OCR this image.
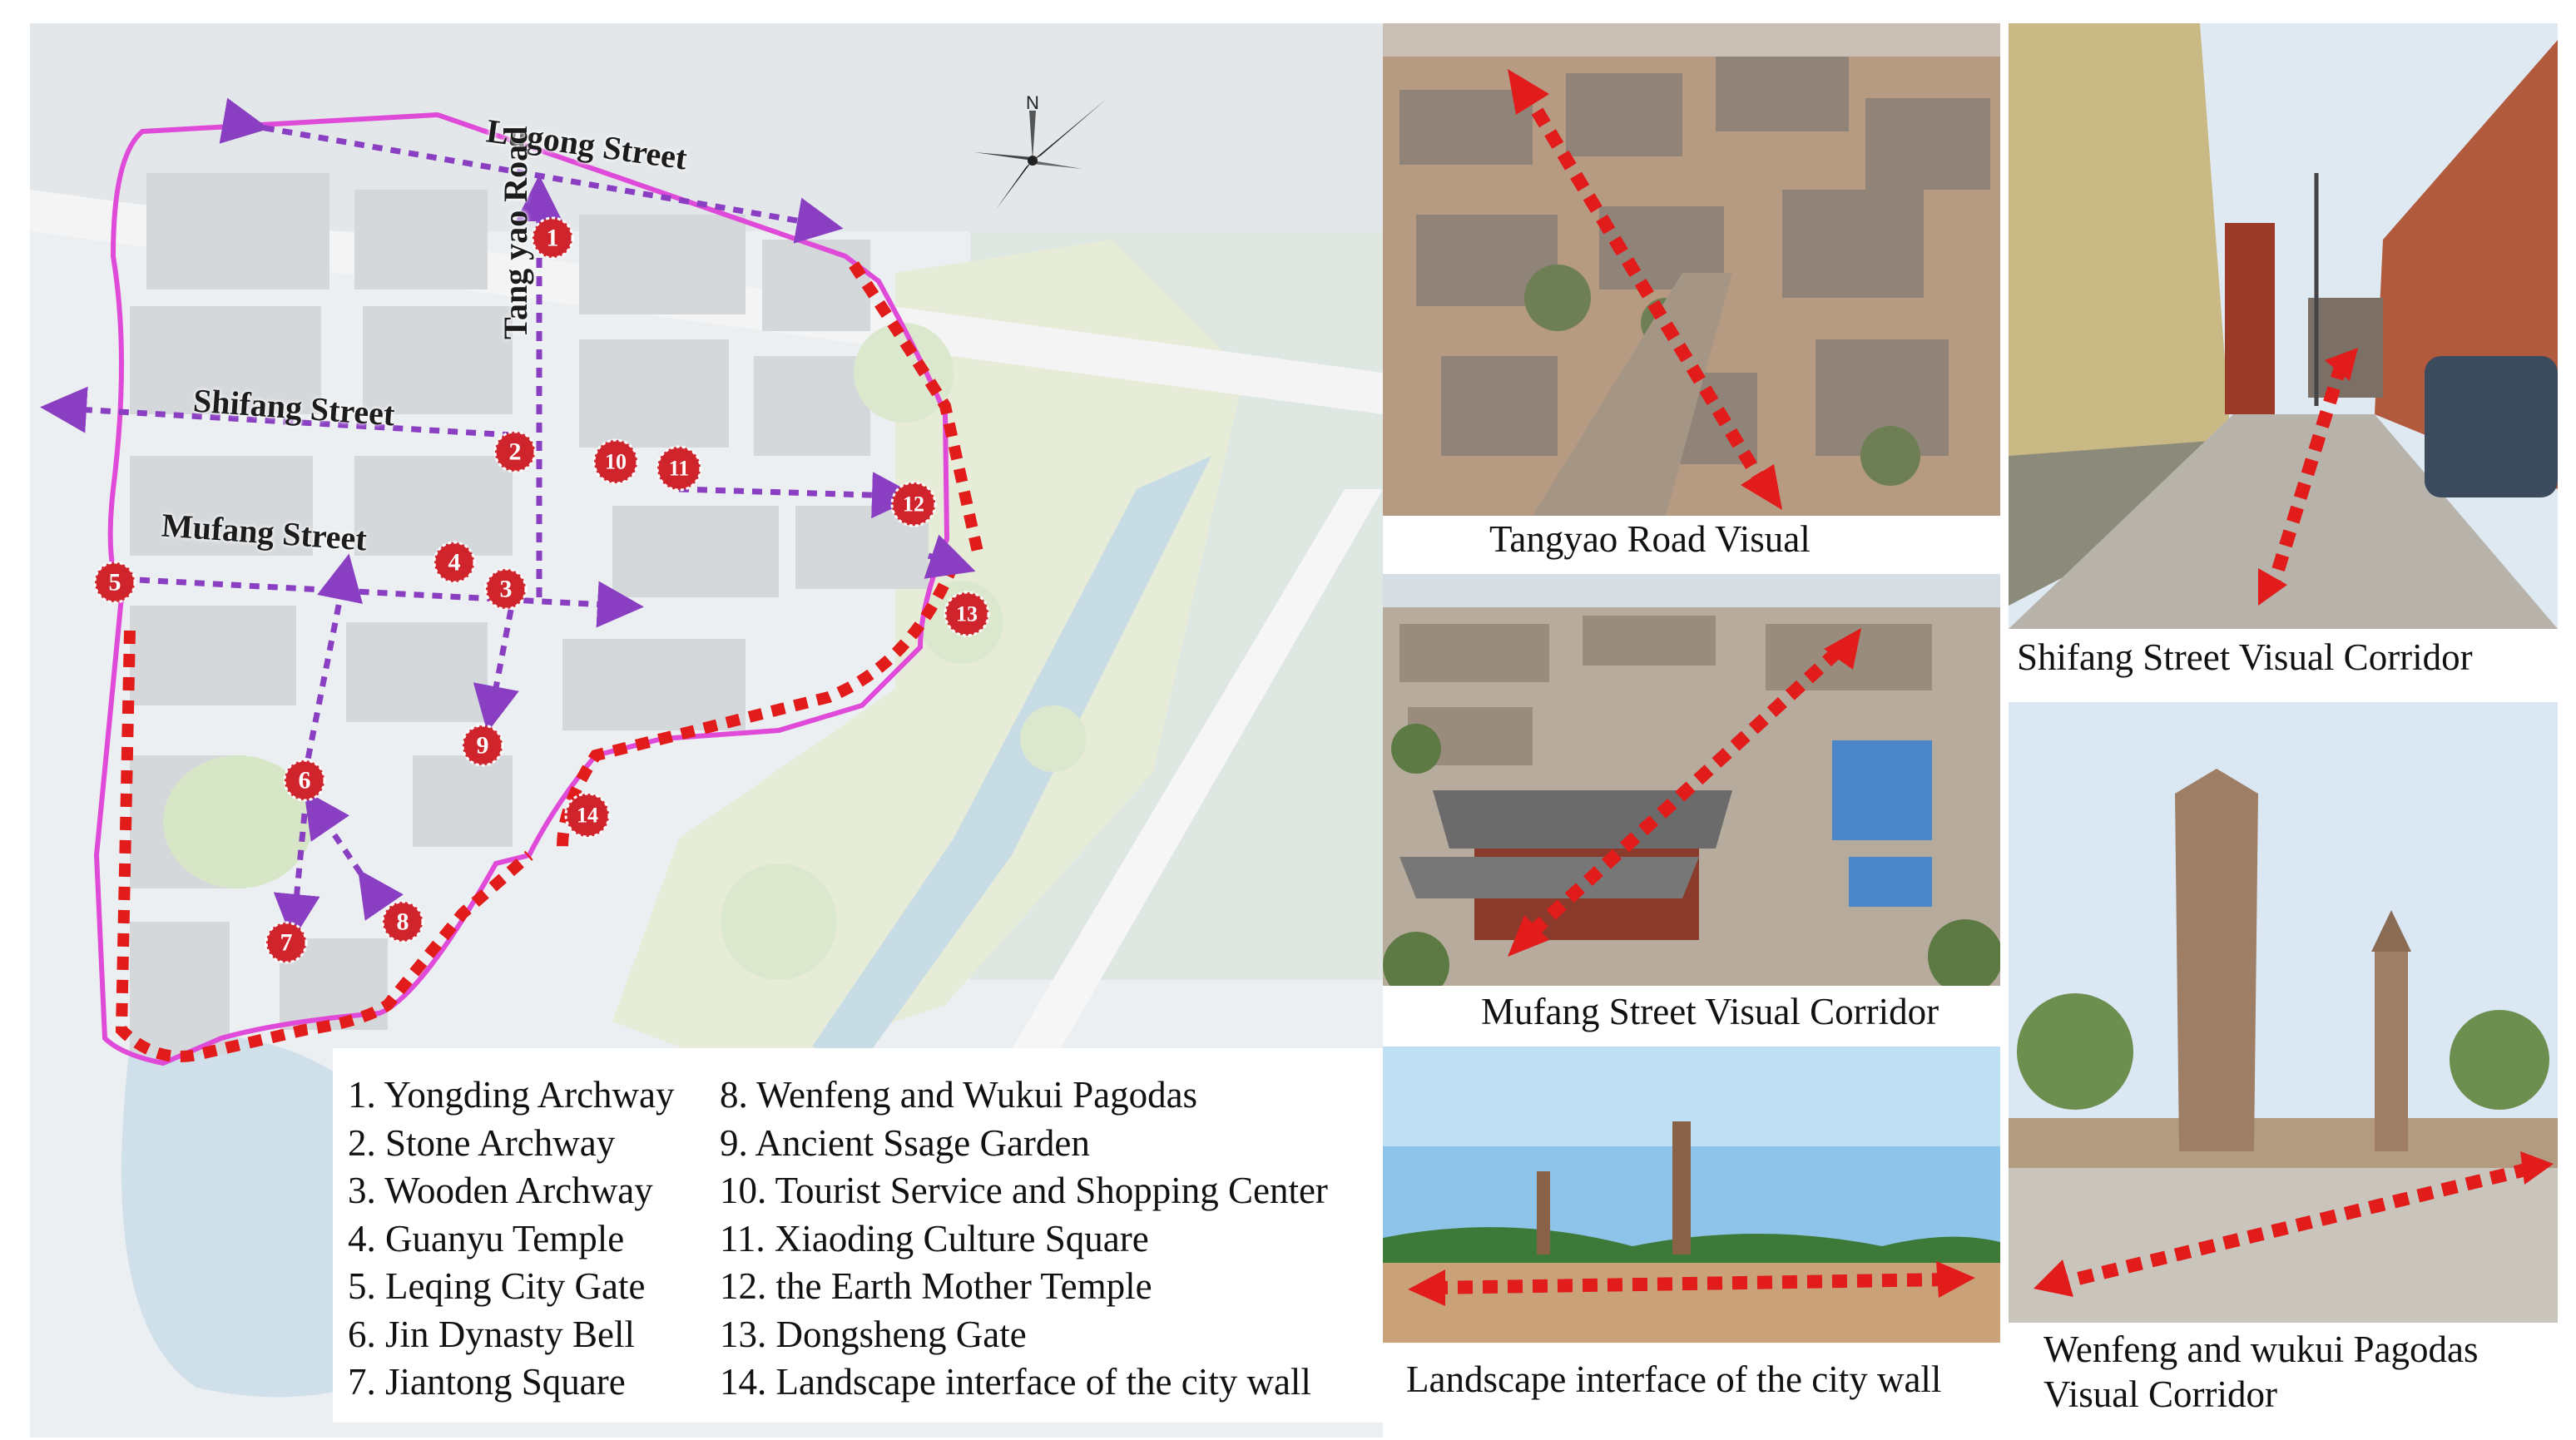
N
1
2
3
4
5
6
7
8
9
10 11
12
13
14
Lugong Street
Shifang Street
Mufang Street
Tang yao Road
1. Yongding Archway
2. Stone Archway
3. Wooden Archway
4. Guanyu Temple
5. Leqing City Gate
6. Jin Dynasty Bell
7. Jiantong Square
8. Wenfeng and Wukui Pagodas
9. Ancient Ssage Garden
10. Tourist Service and Shopping Center
11. Xiaoding Culture Square
12. the Earth Mother Temple
13. Dongsheng Gate
14. Landscape interface of the city wall
Tangyao Road Visual
Shifang Street Visual Corridor
Mufang Street Visual Corridor
Landscape interface of the city wall
Wenfeng and wukui Pagodas
Visual Corridor
